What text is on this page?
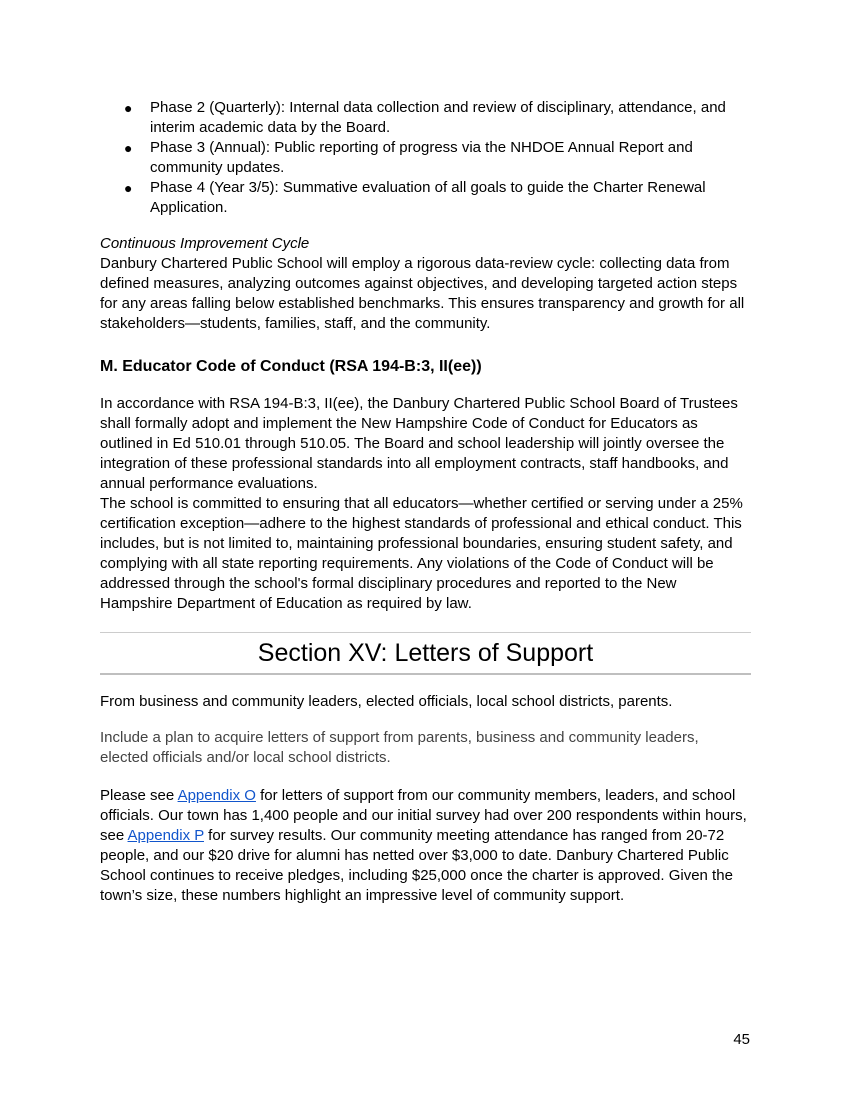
● Phase 2 (Quarterly): Internal data collection and review of disciplinary, attendance, and interim academic data by the Board.
● Phase 3 (Annual): Public reporting of progress via the NHDOE Annual Report and community updates.
● Phase 4 (Year 3/5): Summative evaluation of all goals to guide the Charter Renewal Application.
Continuous Improvement Cycle

Danbury Chartered Public School will employ a rigorous data-review cycle: collecting data from defined measures, analyzing outcomes against objectives, and developing targeted action steps for any areas falling below established benchmarks. This ensures transparency and growth for all stakeholders—students, families, staff, and the community.

M. Educator Code of Conduct (RSA 194-B:3, II(ee))

In accordance with RSA 194-B:3, II(ee), the Danbury Chartered Public School Board of Trustees shall formally adopt and implement the New Hampshire Code of Conduct for Educators as outlined in Ed 510.01 through 510.05. The Board and school leadership will jointly oversee the integration of these professional standards into all employment contracts, staff handbooks, and annual performance evaluations.

The school is committed to ensuring that all educators—whether certified or serving under a 25% certification exception—adhere to the highest standards of professional and ethical conduct. This includes, but is not limited to, maintaining professional boundaries, ensuring student safety, and complying with all state reporting requirements. Any violations of the Code of Conduct will be addressed through the school's formal disciplinary procedures and reported to the New Hampshire Department of Education as required by law.

Section XV: Letters of Support

From business and community leaders, elected officials, local school districts, parents.

Include a plan to acquire letters of support from parents, business and community leaders, elected officials and/or local school districts.

Please see Appendix O for letters of support from our community members, leaders, and school officials. Our town has 1,400 people and our initial survey had over 200 respondents within hours, see Appendix P for survey results. Our community meeting attendance has ranged from 20-72 people, and our $20 drive for alumni has netted over $3,000 to date. Danbury Chartered Public School continues to receive pledges, including $25,000 once the charter is approved. Given the town’s size, these numbers highlight an impressive level of community support.

45
